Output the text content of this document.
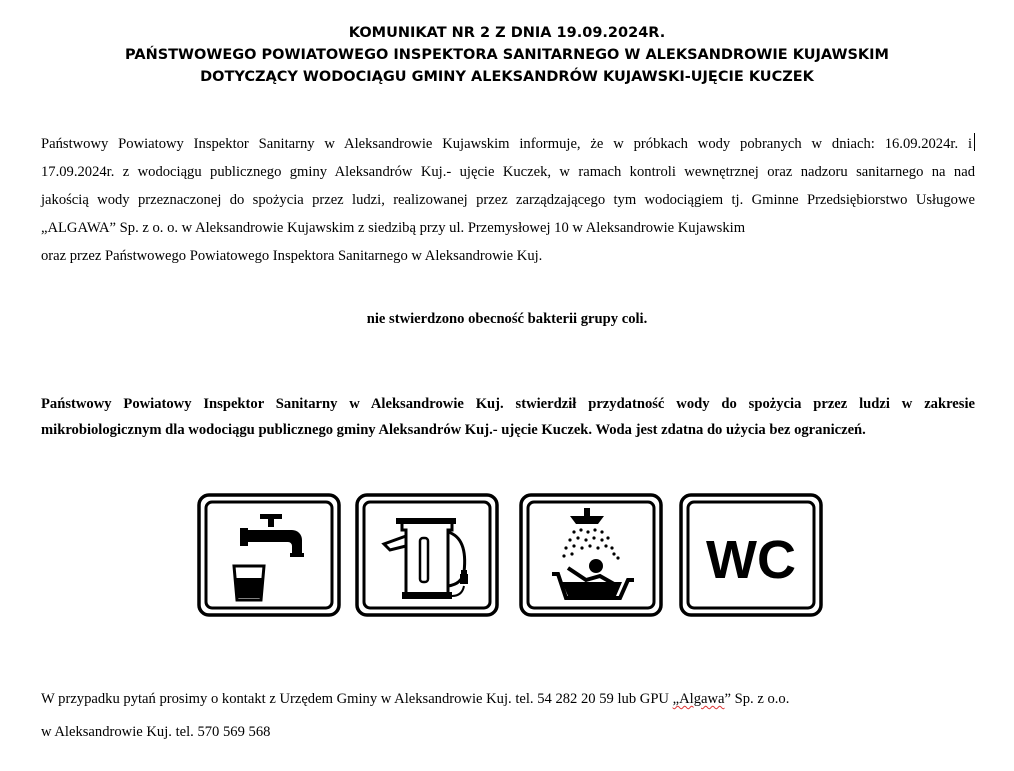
KOMUNIKAT NR 2 Z DNIA 19.09.2024R.
PAŃSTWOWEGO POWIATOWEGO INSPEKTORA SANITARNEGO W ALEKSANDROWIE KUJAWSKIM
DOTYCZĄCY WODOCIĄGU GMINY ALEKSANDRÓW KUJAWSKI-UJĘCIE KUCZEK
Państwowy Powiatowy Inspektor Sanitarny w Aleksandrowie Kujawskim informuje, że w próbkach wody pobranych w dniach: 16.09.2024r. i
17.09.2024r. z wodociągu publicznego gminy Aleksandrów Kuj.- ujęcie Kuczek, w ramach kontroli wewnętrznej oraz nadzoru sanitarnego na nad
jakością wody przeznaczonej do spożycia przez ludzi, realizowanej przez zarządzającego tym wodociągiem tj. Gminne Przedsiębiorstwo Usługowe
„ALGAWA” Sp. z o. o. w Aleksandrowie Kujawskim z siedzibą przy ul. Przemysłowej 10 w Aleksandrowie Kujawskim
oraz przez Państwowego Powiatowego Inspektora Sanitarnego w Aleksandrowie Kuj.
nie stwierdzono obecność bakterii grupy coli.
Państwowy Powiatowy Inspektor Sanitarny w Aleksandrowie Kuj. stwierdził przydatność wody do spożycia przez ludzi w zakresie
mikrobiologicznym dla wodociągu publicznego gminy Aleksandrów Kuj.- ujęcie Kuczek. Woda jest zdatna do użycia bez ograniczeń.
WC
W przypadku pytań prosimy o kontakt z Urzędem Gminy w Aleksandrowie Kuj. tel. 54 282 20 59 lub GPU „Algawa” Sp. z o.o.
w Aleksandrowie Kuj. tel. 570 569 568
